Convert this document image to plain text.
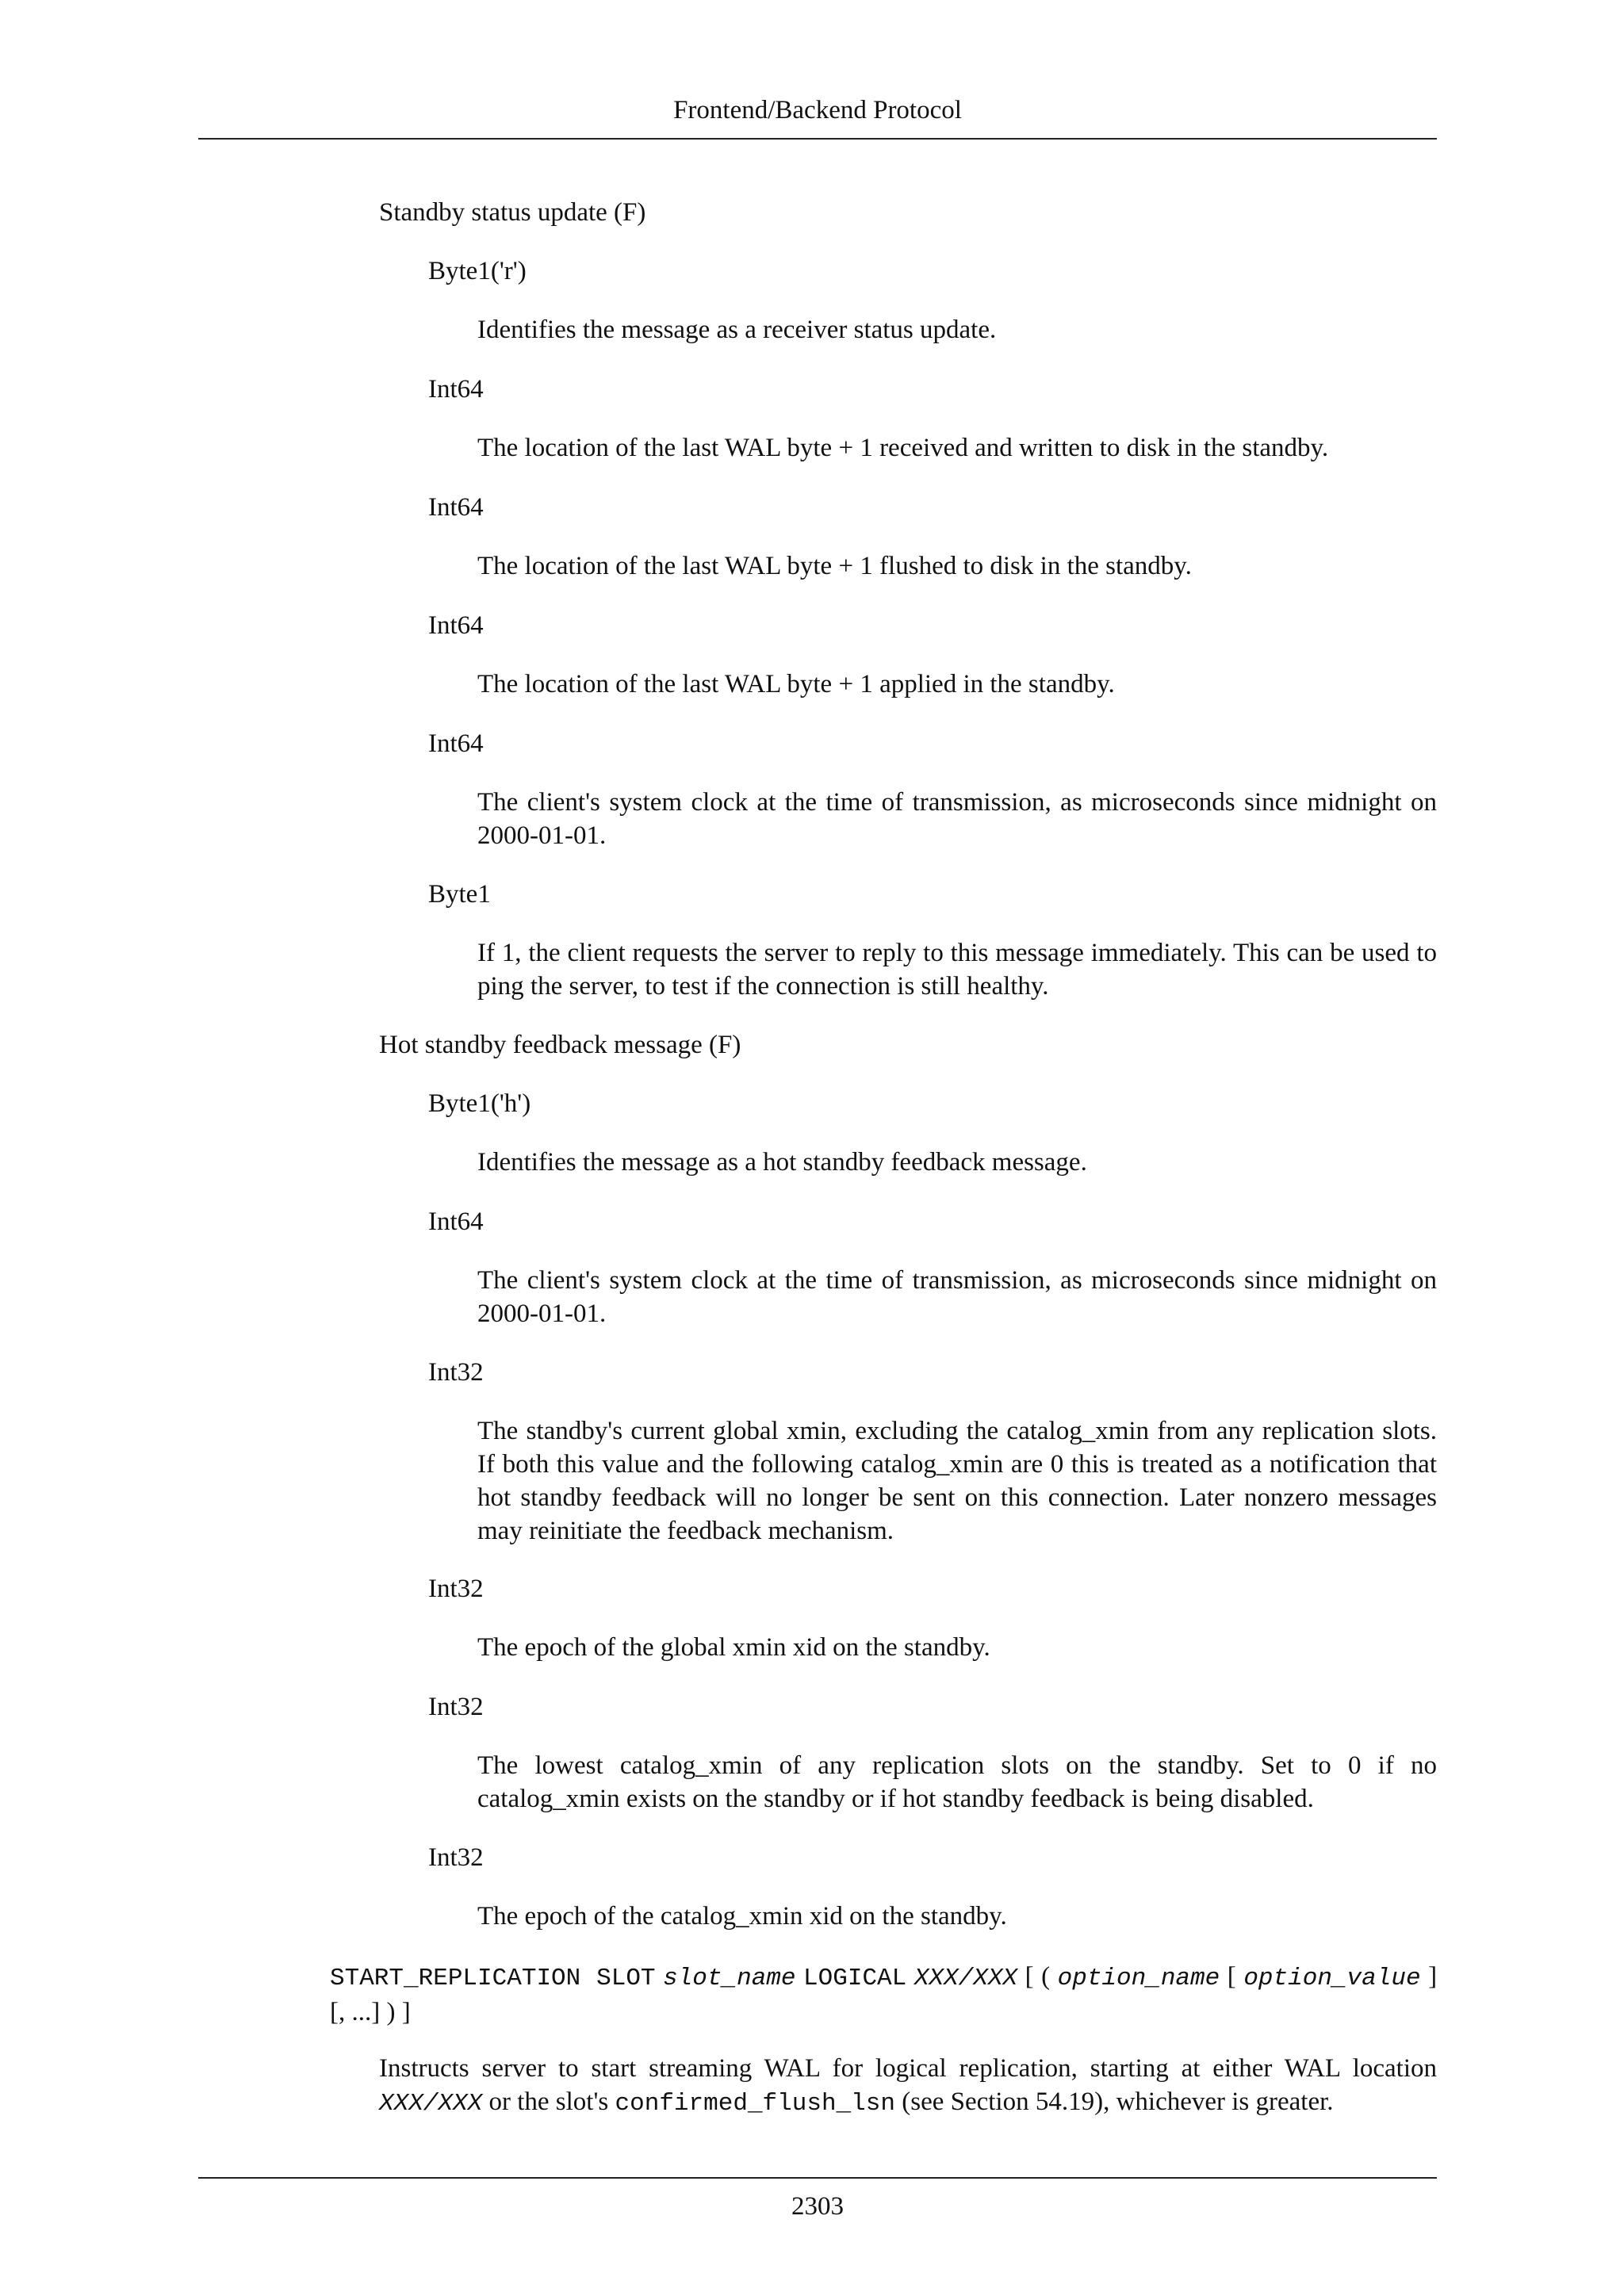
Frontend/Backend Protocol

Standby status update (F)

Byte1('r')

Identifies the message as a receiver status update.

Int64

The location of the last WAL byte + 1 received and written to disk in the standby.

Int64

The location of the last WAL byte + 1 flushed to disk in the standby.

Int64

The location of the last WAL byte + 1 applied in the standby.

Int64

The client's system clock at the time of transmission, as microseconds since midnight on 2000-01-01.

Byte1

If 1, the client requests the server to reply to this message immediately. This can be used to ping the server, to test if the connection is still healthy.

Hot standby feedback message (F)

Byte1('h')

Identifies the message as a hot standby feedback message.

Int64

The client's system clock at the time of transmission, as microseconds since midnight on 2000-01-01.

Int32

The standby's current global xmin, excluding the catalog_xmin from any replication slots. If both this value and the following catalog_xmin are 0 this is treated as a notification that hot standby feedback will no longer be sent on this connection. Later nonzero messages may reinitiate the feedback mechanism.

Int32

The epoch of the global xmin xid on the standby.

Int32

The lowest catalog_xmin of any replication slots on the standby. Set to 0 if no catalog_xmin exists on the standby or if hot standby feedback is being disabled.

Int32

The epoch of the catalog_xmin xid on the standby.

START_REPLICATION SLOT slot_name LOGICAL XXX/XXX [ ( option_name [ option_value ] [, ...] ) ]

Instructs server to start streaming WAL for logical replication, starting at either WAL location XXX/XXX or the slot's confirmed_flush_lsn (see Section 54.19), whichever is greater.

2303
